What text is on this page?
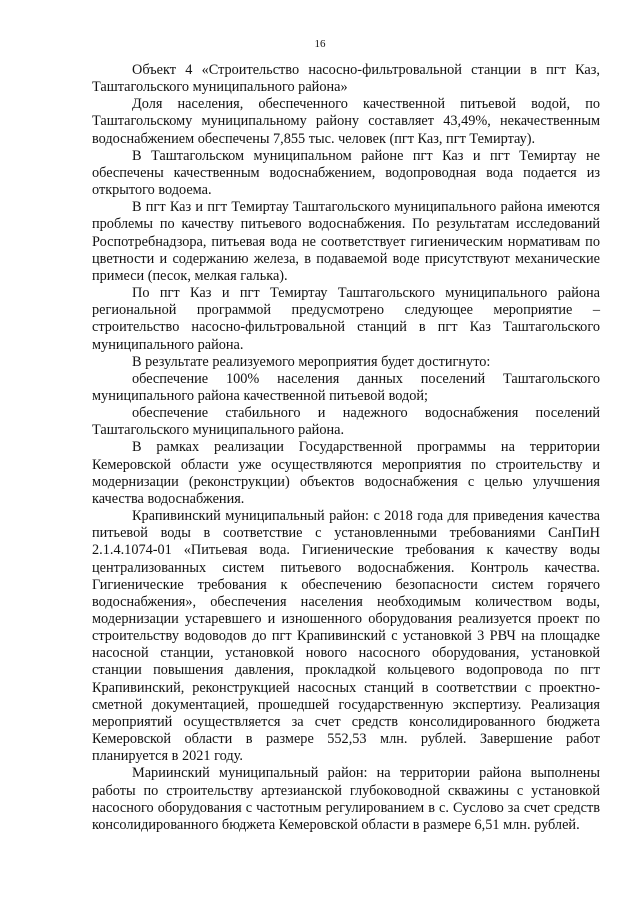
16

Объект 4 «Строительство насосно-фильтровальной станции в пгт Каз, Таштагольского муниципального района»

Доля населения, обеспеченного качественной питьевой водой, по Таштагольскому муниципальному району составляет 43,49%, некачественным водоснабжением обеспечены 7,855 тыс. человек (пгт Каз, пгт Темиртау).

В Таштагольском муниципальном районе пгт Каз и пгт Темиртау не обеспечены качественным водоснабжением, водопроводная вода подается из открытого водоема.

В пгт Каз и пгт Темиртау Таштагольского муниципального района имеются проблемы по качеству питьевого водоснабжения. По результатам исследований Роспотребнадзора, питьевая вода не соответствует гигиеническим нормативам по цветности и содержанию железа, в подаваемой воде присутствуют механические примеси (песок, мелкая галька).

По пгт Каз и пгт Темиртау Таштагольского муниципального района региональной программой предусмотрено следующее мероприятие – строительство насосно-фильтровальной станций в пгт Каз Таштагольского муниципального района.

В результате реализуемого мероприятия будет достигнуто:

обеспечение 100% населения данных поселений Таштагольского муниципального района качественной питьевой водой;

обеспечение стабильного и надежного водоснабжения поселений Таштагольского муниципального района.

В рамках реализации Государственной программы на территории Кемеровской области уже осуществляются мероприятия по строительству и модернизации (реконструкции) объектов водоснабжения с целью улучшения качества водоснабжения.

Крапивинский муниципальный район: с 2018 года для приведения качества питьевой воды в соответствие с установленными требованиями СанПиН 2.1.4.1074-01 «Питьевая вода. Гигиенические требования к качеству воды централизованных систем питьевого водоснабжения. Контроль качества. Гигиенические требования к обеспечению безопасности систем горячего водоснабжения», обеспечения населения необходимым количеством воды, модернизации устаревшего и изношенного оборудования реализуется проект по строительству водоводов до пгт Крапивинский с установкой 3 РВЧ на площадке насосной станции, установкой нового насосного оборудования, установкой станции повышения давления, прокладкой кольцевого водопровода по пгт Крапивинский, реконструкцией насосных станций в соответствии с проектно-сметной документацией, прошедшей государственную экспертизу. Реализация мероприятий осуществляется за счет средств консолидированного бюджета Кемеровской области в размере 552,53 млн. рублей. Завершение работ планируется в 2021 году.

Мариинский муниципальный район: на территории района выполнены работы по строительству артезианской глубоководной скважины с установкой насосного оборудования с частотным регулированием в с. Суслово за счет средств консолидированного бюджета Кемеровской области в размере 6,51 млн. рублей.
